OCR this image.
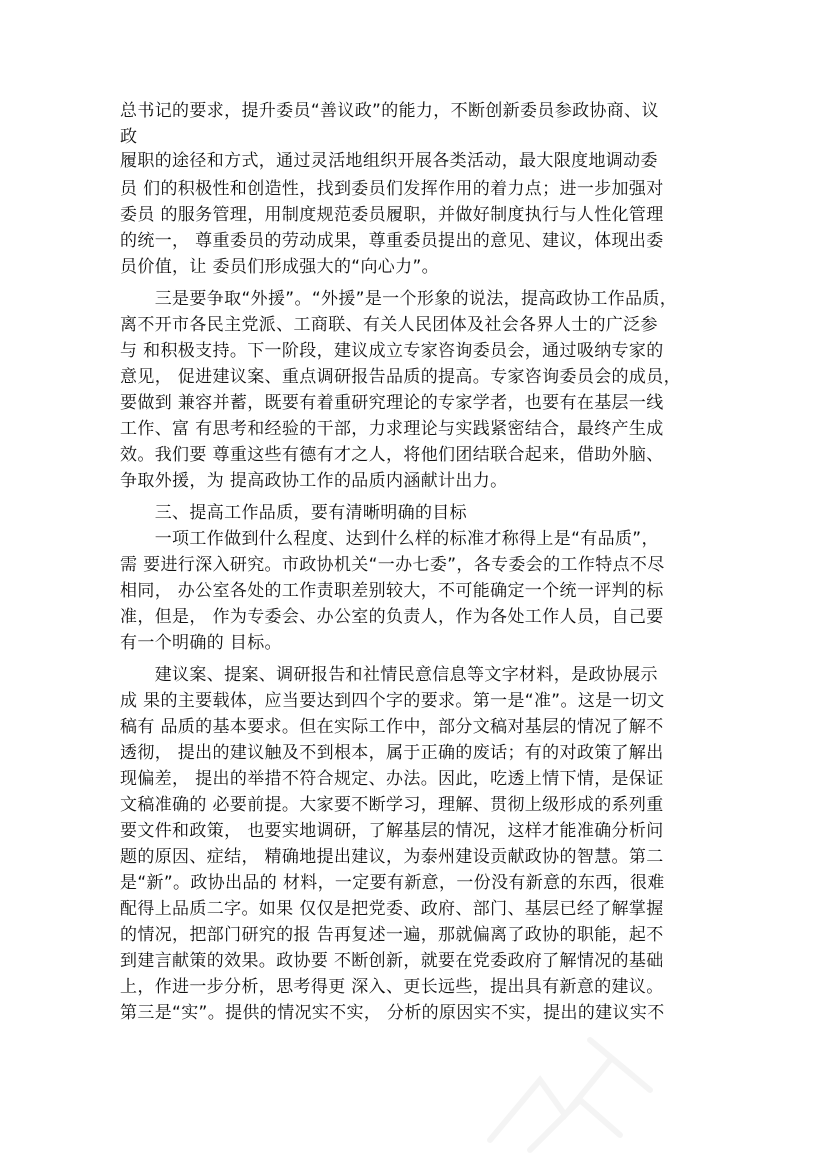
总书记的要求，提升委员“善议政”的能力，不断创新委员参政协商、议
政
履职的途径和方式，通过灵活地组织开展各类活动，最大限度地调动委
员 们的积极性和创造性，找到委员们发挥作用的着力点；进一步加强对
委员 的服务管理，用制度规范委员履职，并做好制度执行与人性化管理
的统一， 尊重委员的劳动成果，尊重委员提出的意见、建议，体现出委
员价值，让 委员们形成强大的“向心力”。
　　三是要争取“外援”。“外援”是一个形象的说法，提高政协工作品质，
离不开市各民主党派、工商联、有关人民团体及社会各界人士的广泛参
与 和积极支持。下一阶段，建议成立专家咨询委员会，通过吸纳专家的
意见， 促进建议案、重点调研报告品质的提高。专家咨询委员会的成员，
要做到 兼容并蓄，既要有着重研究理论的专家学者，也要有在基层一线
工作、富 有思考和经验的干部，力求理论与实践紧密结合，最终产生成
效。我们要 尊重这些有德有才之人，将他们团结联合起来，借助外脑、
争取外援，为 提高政协工作的品质内涵献计出力。
　　三、提高工作品质，要有清晰明确的目标
　　一项工作做到什么程度、达到什么样的标准才称得上是“有品质”，
需 要进行深入研究。市政协机关“一办七委”，各专委会的工作特点不尽
相同， 办公室各处的工作责职差别较大，不可能确定一个统一评判的标
准，但是， 作为专委会、办公室的负责人，作为各处工作人员，自己要
有一个明确的 目标。
　　建议案、提案、调研报告和社情民意信息等文字材料，是政协展示
成 果的主要载体，应当要达到四个字的要求。第一是“准”。这是一切文
稿有 品质的基本要求。但在实际工作中，部分文稿对基层的情况了解不
透彻， 提出的建议触及不到根本，属于正确的废话；有的对政策了解出
现偏差， 提出的举措不符合规定、办法。因此，吃透上情下情，是保证
文稿准确的 必要前提。大家要不断学习，理解、贯彻上级形成的系列重
要文件和政策， 也要实地调研，了解基层的情况，这样才能准确分析问
题的原因、症结， 精确地提出建议，为泰州建设贡献政协的智慧。第二
是“新”。政协出品的 材料，一定要有新意，一份没有新意的东西，很难
配得上品质二字。如果 仅仅是把党委、政府、部门、基层已经了解掌握
的情况，把部门研究的报 告再复述一遍，那就偏离了政协的职能，起不
到建言献策的效果。政协要 不断创新，就要在党委政府了解情况的基础
上，作进一步分析，思考得更 深入、更长远些，提出具有新意的建议。
第三是“实”。提供的情况实不实， 分析的原因实不实，提出的建议实不
